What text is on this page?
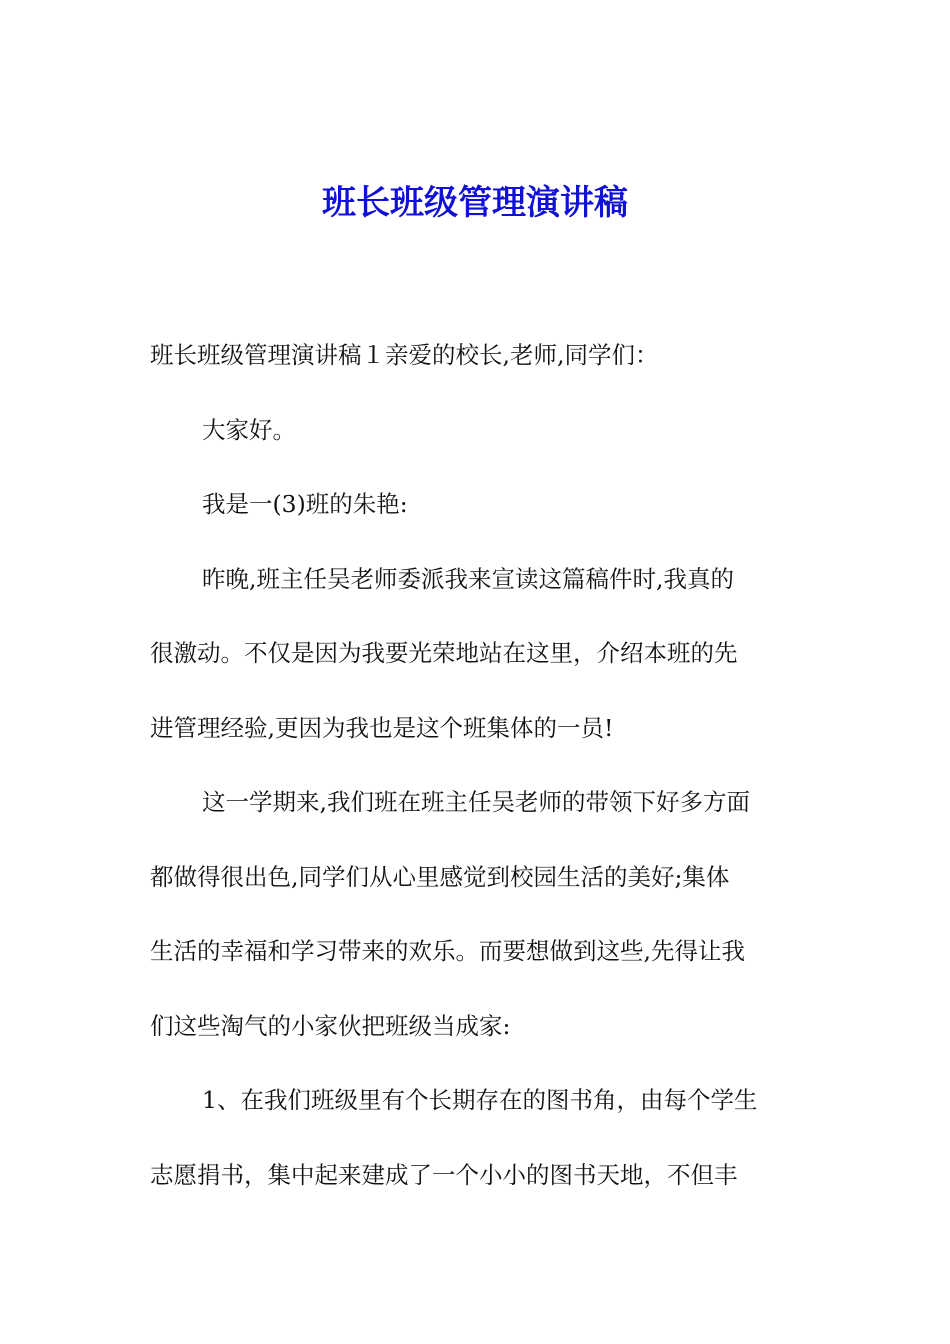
班长班级管理演讲稿
班长班级管理演讲稿１亲爱的校长,老师,同学们：
大家好。
我是一(3)班的朱艳:
昨晚,班主任吴老师委派我来宣读这篇稿件时,我真的
很激动。不仅是因为我要光荣地站在这里，介绍本班的先
进管理经验,更因为我也是这个班集体的一员!
这一学期来,我们班在班主任吴老师的带领下好多方面
都做得很出色,同学们从心里感觉到校园生活的美好;集体
生活的幸福和学习带来的欢乐。而要想做到这些,先得让我
们这些淘气的小家伙把班级当成家:
1、在我们班级里有个长期存在的图书角，由每个学生
志愿捐书，集中起来建成了一个小小的图书天地，不但丰
